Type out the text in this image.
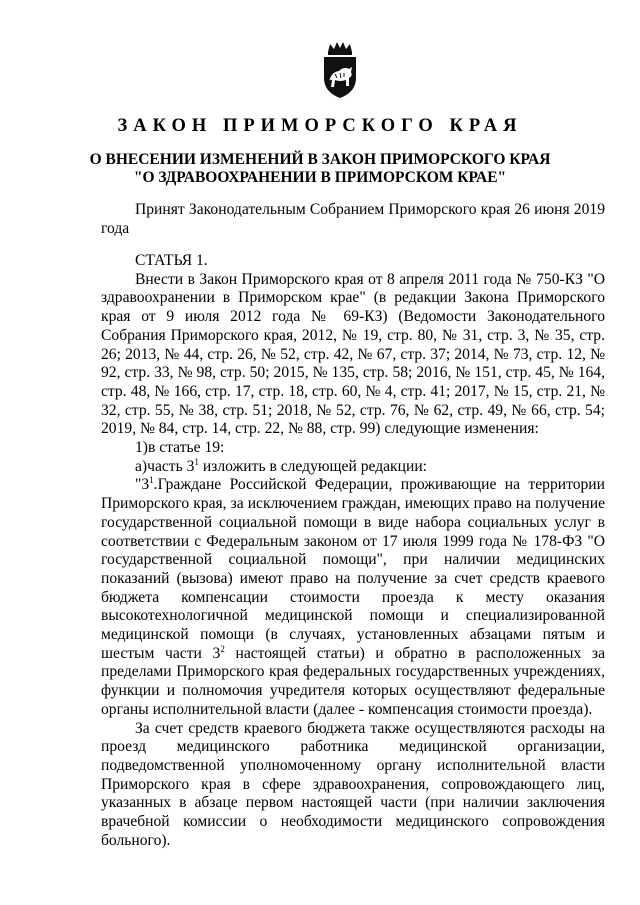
ЗАКОН ПРИМОРСКОГО КРАЯ
О ВНЕСЕНИИ ИЗМЕНЕНИЙ В ЗАКОН ПРИМОРСКОГО КРАЯ
"О ЗДРАВООХРАНЕНИИ В ПРИМОРСКОМ КРАЕ"
Принят Законодательным Собранием Приморского края 26 июня 2019 года

СТАТЬЯ 1.

Внести в Закон Приморского края от 8 апреля 2011 года № 750-КЗ "О здравоохранении в Приморском крае" (в редакции Закона Приморского края от 9 июля 2012 года № 69-КЗ) (Ведомости Законодательного Собрания Приморского края, 2012, № 19, стр. 80, № 31, стр. 3, № 35, стр. 26; 2013, № 44, стр. 26, № 52, стр. 42, № 67, стр. 37; 2014, № 73, стр. 12, № 92, стр. 33, № 98, стр. 50; 2015, № 135, стр. 58; 2016, № 151, стр. 45, № 164, стр. 48, № 166, стр. 17, стр. 18, стр. 60, № 4, стр. 41; 2017, № 15, стр. 21, № 32, стр. 55, № 38, стр. 51; 2018, № 52, стр. 76, № 62, стр. 49, № 66, стр. 54; 2019, № 84, стр. 14, стр. 22, № 88, стр. 99) следующие изменения:

1)в статье 19:

а)часть $3^1$ изложить в следующей редакции:

"$3^1.Граждане$ Российской Федерации, проживающие на территории Приморского края, за исключением граждан, имеющих право на получение государственной социальной помощи в виде набора социальных услуг в соответствии с Федеральным законом от 17 июля 1999 года № 178-ФЗ "О государственной социальной помощи", при наличии медицинских показаний (вызова) имеют право на получение за счет средств краевого бюджета компенсации стоимости проезда к месту оказания высокотехнологичной медицинской помощи и специализированной медицинской помощи (в случаях, установленных абзацами пятым и шестым части $3^2$ настоящей статьи) и обратно в расположенных за пределами Приморского края федеральных государственных учреждениях, функции и полномочия учредителя которых осуществляют федеральные органы исполнительной власти (далее - компенсация стоимости проезда).

За счет средств краевого бюджета также осуществляются расходы на проезд медицинского работника медицинской организации, подведомственной уполномоченному органу исполнительной власти Приморского края в сфере здравоохранения, сопровождающего лиц, указанных в абзаце первом настоящей части (при наличии заключения врачебной комиссии о необходимости медицинского сопровождения больного).
